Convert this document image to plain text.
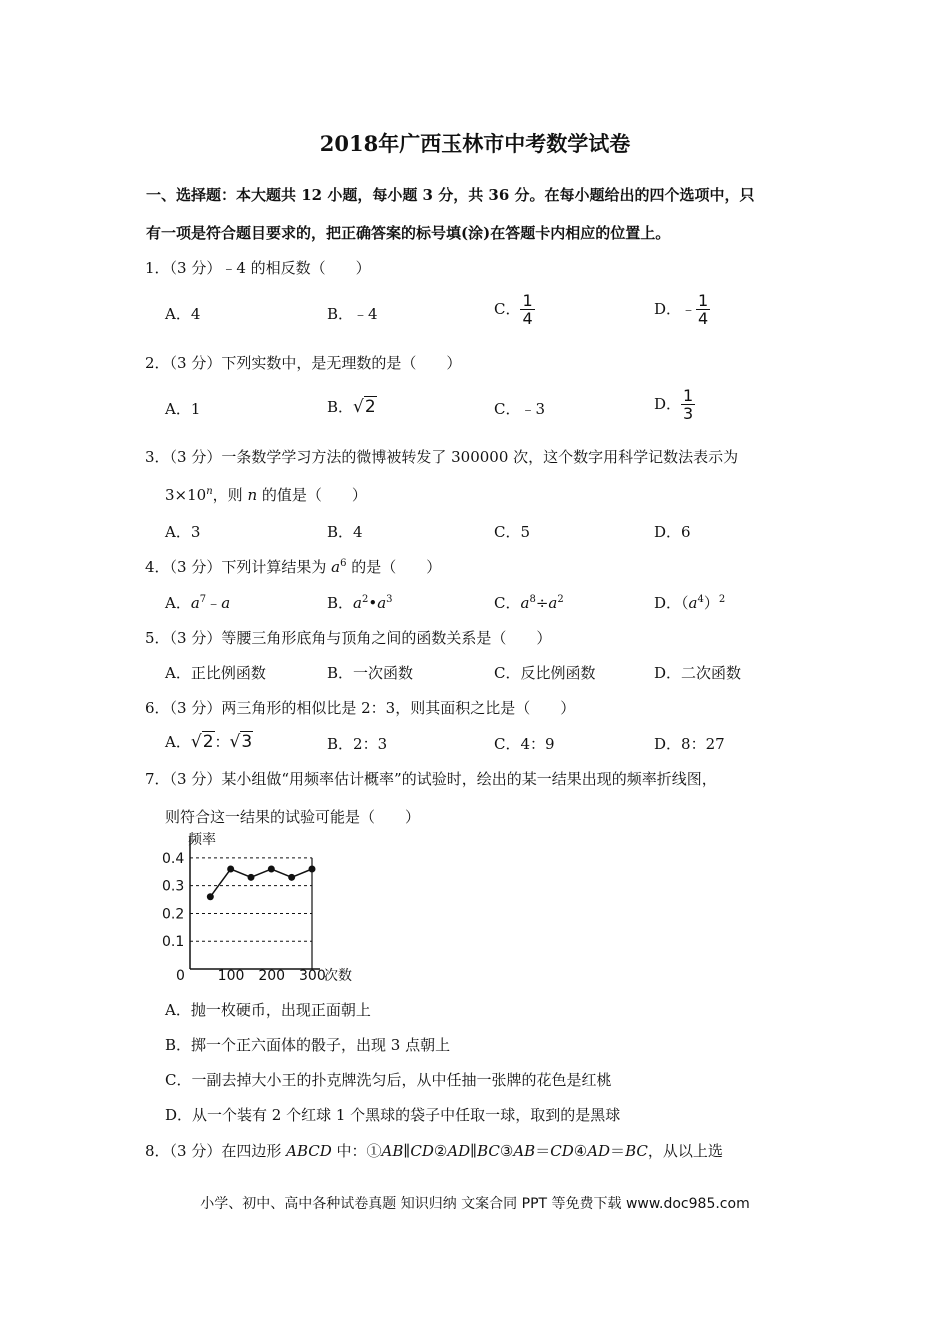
2018年广西玉林市中考数学试卷
一、选择题：本大题共 12 小题，每小题 3 分，共 36 分。在每小题给出的四个选项中，只
有一项是符合题目要求的，把正确答案的标号填(涂)在答题卡内相应的位置上。
1．（3 分）﹣4 的相反数（　　）
A．4	B．﹣4	C． $\frac{1}{4}$	D．﹣ $\frac{1}{4}$
2．（3 分）下列实数中，是无理数的是（　　）
A．1	B．√2	C．﹣3	D． $\frac{1}{3}$
3．（3 分）一条数学学习方法的微博被转发了 300000 次，这个数字用科学记数法表示为
$3\times 10^n$，则 n 的值是（　　）
A．3	B．4	C．5	D．6
4．（3 分）下列计算结果为 $a^6$ 的是（　　）
A．$a^7﹣a$	B．$a^2•a^3$	C．$a^8\div a^2$	D．$(a^4)^2$
5．（3 分）等腰三角形底角与顶角之间的函数关系是（　　）
A．正比例函数	B．一次函数	C．反比例函数	D．二次函数
6．（3 分）两三角形的相似比是 2：3，则其面积之比是（　　）
A．√2：√3	B．2：3	C．4：9	D．8：27
7．（3 分）某小组做“用频率估计概率”的试验时，绘出的某一结果出现的频率折线图，
则符合这一结果的试验可能是（　　）
0.1
0.2
0.3
0.4
100 200 300
频率
次数
0
A．抛一枚硬币，出现正面朝上
B．掷一个正六面体的骰子，出现 3 点朝上
C．一副去掉大小王的扑克牌洗匀后，从中任抽一张牌的花色是红桃
D．从一个装有 2 个红球 1 个黑球的袋子中任取一球，取到的是黑球
8．（3 分）在四边形 ABCD 中：①AB∥CD②AD∥BC③AB＝CD④AD＝BC，从以上选
小学、初中、高中各种试卷真题 知识归纳 文案合同 PPT 等免费下载 www.doc985.com
